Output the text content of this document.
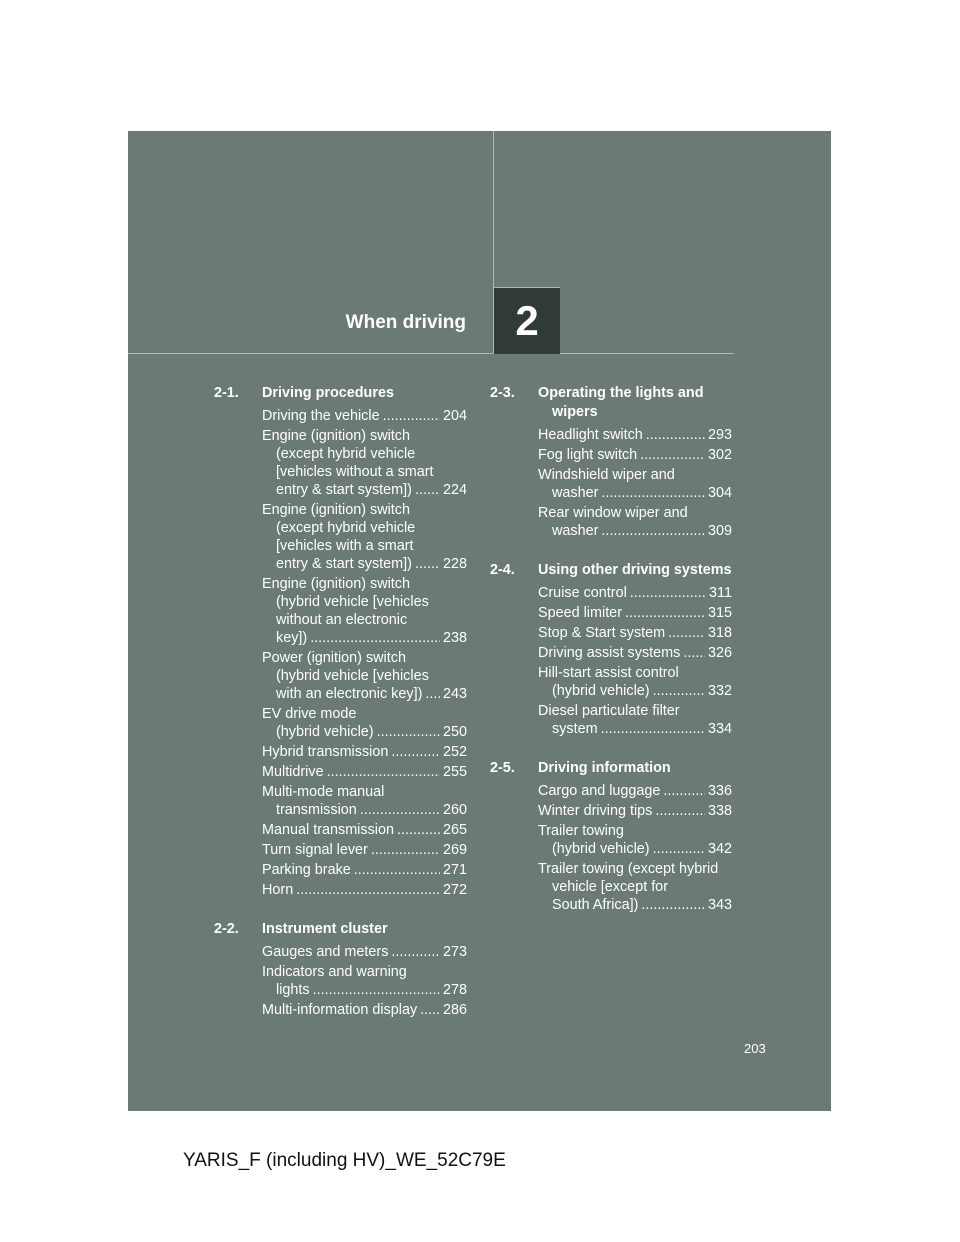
When driving	2
2-1.	Driving procedures
Driving the vehicle .....	204
Engine (ignition) switch
(except hybrid vehicle
[vehicles without a smart
entry & start system]) ..... 224
Engine (ignition) switch
(except hybrid vehicle
[vehicles with a smart
entry & start system]) ..... 228
Engine (ignition) switch
(hybrid vehicle [vehicles
without an electronic
key]) .....	238
Power (ignition) switch
(hybrid vehicle [vehicles
with an electronic key]) ..... 243
EV drive mode
(hybrid vehicle) .....	250
Hybrid transmission .....	252
Multidrive .....	255
Multi-mode manual
transmission .....	260
Manual transmission .....	265
Turn signal lever .....	269
Parking brake .....	271
Horn .....	272
2-2.	Instrument cluster
Gauges and meters .....	273
Indicators and warning
lights .....	278
Multi-information display ..... 286
2-3.	Operating the lights and wipers
Headlight switch .....	293
Fog light switch .....	302
Windshield wiper and
washer .....	304
Rear window wiper and
washer .....	309
2-4.	Using other driving systems
Cruise control .....	311
Speed limiter .....	315
Stop & Start system .....	318
Driving assist systems ..... 326
Hill-start assist control
(hybrid vehicle) .....	332
Diesel particulate filter
system .....	334
2-5.	Driving information
Cargo and luggage .....	336
Winter driving tips .....	338
Trailer towing
(hybrid vehicle) .....	342
Trailer towing (except hybrid
vehicle [except for
South Africa]) .....	343
203
YARIS_F (including HV)_WE_52C79E
